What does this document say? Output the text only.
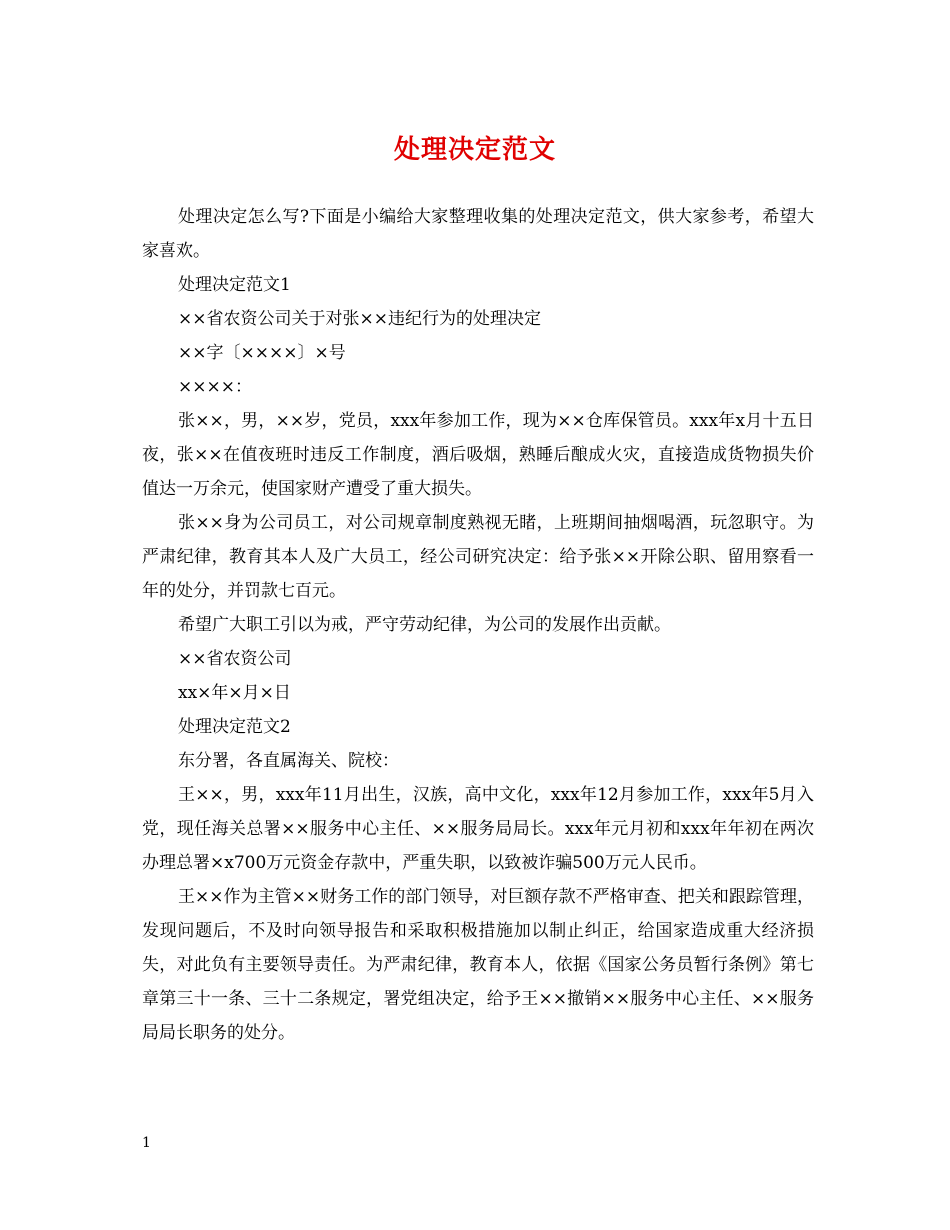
处理决定范文

处理决定怎么写?下面是小编给大家整理收集的处理决定范文，供大家参考，希望大家喜欢。

处理决定范文1

××省农资公司关于对张××违纪行为的处理决定

××字〔××××〕×号

××××：

张××，男，××岁，党员，xxx年参加工作，现为××仓库保管员。xxx年x月十五日夜，张××在值夜班时违反工作制度，酒后吸烟，熟睡后酿成火灾，直接造成货物损失价值达一万余元，使国家财产遭受了重大损失。

张××身为公司员工，对公司规章制度熟视无睹，上班期间抽烟喝酒，玩忽职守。为严肃纪律，教育其本人及广大员工，经公司研究决定：给予张××开除公职、留用察看一年的处分，并罚款七百元。

希望广大职工引以为戒，严守劳动纪律，为公司的发展作出贡献。

××省农资公司

xx×年×月×日

处理决定范文2

东分署，各直属海关、院校：

王××，男，xxx年11月出生，汉族，高中文化，xxx年12月参加工作，xxx年5月入党，现任海关总署××服务中心主任、××服务局局长。xxx年元月初和xxx年年初在两次办理总署×x700万元资金存款中，严重失职，以致被诈骗500万元人民币。

王××作为主管××财务工作的部门领导，对巨额存款不严格审查、把关和跟踪管理，发现问题后，不及时向领导报告和采取积极措施加以制止纠正，给国家造成重大经济损失，对此负有主要领导责任。为严肃纪律，教育本人，依据《国家公务员暂行条例》第七章第三十一条、三十二条规定，署党组决定，给予王××撤销××服务中心主任、××服务局局长职务的处分。

1
